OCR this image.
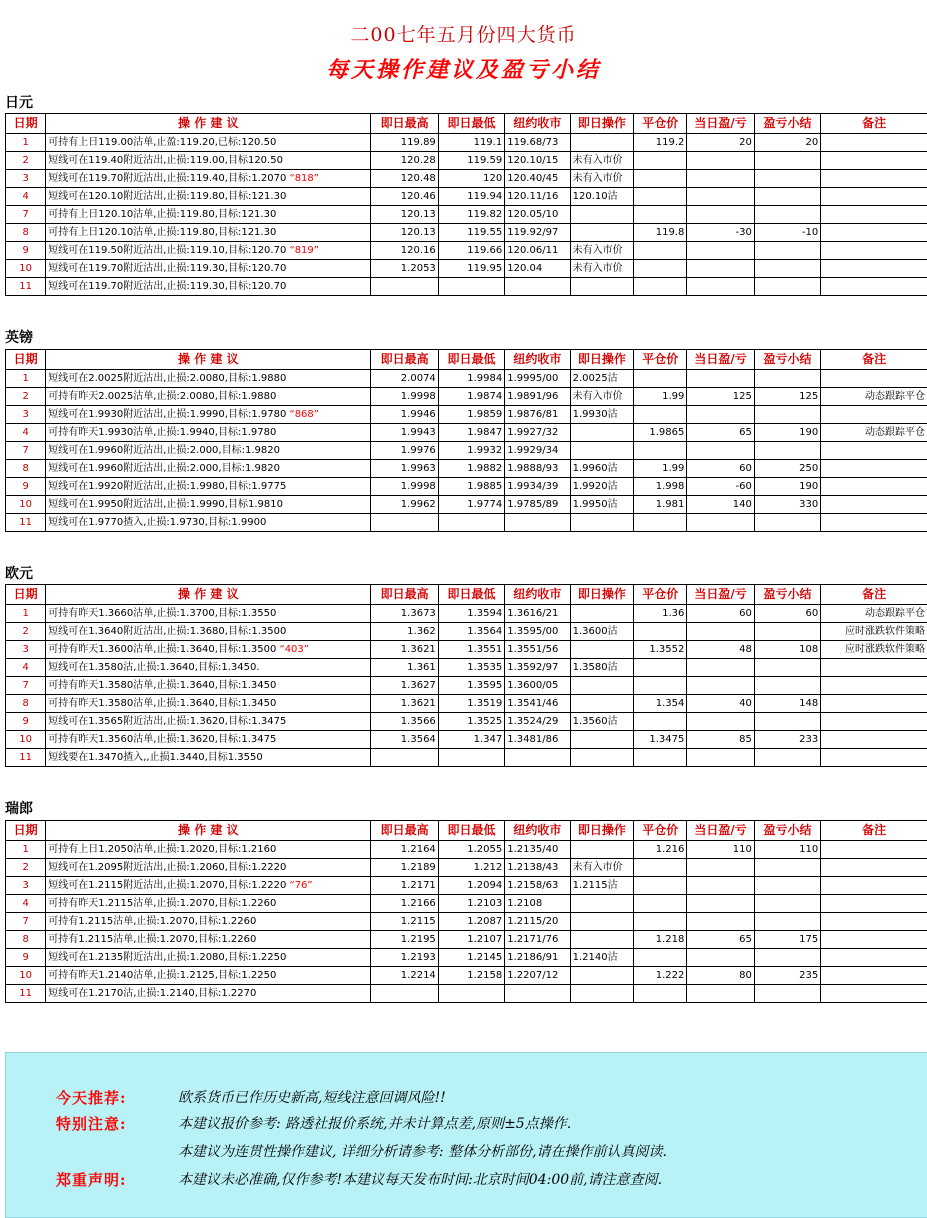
二00七年五月份四大货币
每天操作建议及盈亏小结
日元
日期	操 作 建 议	即日最高	即日最低	纽约收市	即日操作	平仓价	当日盈/亏	盈亏小结	备注
1	可持有上日119.00沽单,止盈:119.20,已标:120.50	119.89	119.1	119.68/73		119.2	20	20	
2	短线可在119.40附近沽出,止损:119.00,目标120.50	120.28	119.59	120.10/15	未有入市价				
3	短线可在119.70附近沽出,止损:119.40,目标:1.2070 “818”	120.48	120	120.40/45	未有入市价				
4	短线可在120.10附近沽出,止损:119.80,目标:121.30	120.46	119.94	120.11/16	120.10沽				
7	可持有上日120.10沽单,止损:119.80,目标:121.30	120.13	119.82	120.05/10					
8	可持有上日120.10沽单,止损:119.80,目标:121.30	120.13	119.55	119.92/97		119.8	-30	-10	
9	短线可在119.50附近沽出,止损:119.10,目标:120.70 “819”	120.16	119.66	120.06/11	未有入市价				
10	短线可在119.70附近沽出,止损:119.30,目标:120.70	1.2053	119.95	120.04	未有入市价				
11	短线可在119.70附近沽出,止损:119.30,目标:120.70								
英镑
日期	操 作 建 议	即日最高	即日最低	纽约收市	即日操作	平仓价	当日盈/亏	盈亏小结	备注
1	短线可在2.0025附近沽出,止损:2.0080,目标:1.9880	2.0074	1.9984	1.9995/00	2.0025沽				
2	可持有昨天2.0025沽单,止损:2.0080,目标:1.9880	1.9998	1.9874	1.9891/96	未有入市价	1.99	125	125	动态跟踪平仓
3	短线可在1.9930附近沽出,止损:1.9990,目标:1.9780 “868”	1.9946	1.9859	1.9876/81	1.9930沽				
4	可持有昨天1.9930沽单,止损:1.9940,目标:1.9780	1.9943	1.9847	1.9927/32		1.9865	65	190	动态跟踪平仓
7	短线可在1.9960附近沽出,止损:2.000,目标:1.9820	1.9976	1.9932	1.9929/34					
8	短线可在1.9960附近沽出,止损:2.000,目标:1.9820	1.9963	1.9882	1.9888/93	1.9960沽	1.99	60	250	
9	短线可在1.9920附近沽出,止损:1.9980,目标:1.9775	1.9998	1.9885	1.9934/39	1.9920沽	1.998	-60	190	
10	短线可在1.9950附近沽出,止损:1.9990,目标1.9810	1.9962	1.9774	1.9785/89	1.9950沽	1.981	140	330	
11	短线可在1.9770揸入,止损:1.9730,目标:1.9900								
欧元
日期	操 作 建 议	即日最高	即日最低	纽约收市	即日操作	平仓价	当日盈/亏	盈亏小结	备注
1	可持有昨天1.3660沽单,止损:1.3700,目标:1.3550	1.3673	1.3594	1.3616/21		1.36	60	60	动态跟踪平仓
2	短线可在1.3640附近沽出,止损:1.3680,目标:1.3500	1.362	1.3564	1.3595/00	1.3600沽				应时涨跌软件策略
3	可持有昨天1.3600沽单,止损:1.3640,目标:1.3500 “403”	1.3621	1.3551	1.3551/56		1.3552	48	108	应时涨跌软件策略
4	短线可在1.3580沽,止损:1.3640,目标:1.3450.	1.361	1.3535	1.3592/97	1.3580沽				
7	可持有昨天1.3580沽单,止损:1.3640,目标:1.3450	1.3627	1.3595	1.3600/05					
8	可持有昨天1.3580沽单,止损:1.3640,目标:1.3450	1.3621	1.3519	1.3541/46		1.354	40	148	
9	短线可在1.3565附近沽出,止损:1.3620,目标:1.3475	1.3566	1.3525	1.3524/29	1.3560沽				
10	可持有昨天1.3560沽单,止损:1.3620,目标:1.3475	1.3564	1.347	1.3481/86		1.3475	85	233	
11	短线要在1.3470揸入,,止损1.3440,目标1.3550								
瑞郎
日期	操 作 建 议	即日最高	即日最低	纽约收市	即日操作	平仓价	当日盈/亏	盈亏小结	备注
1	可持有上日1.2050沽单,止损:1.2020,目标:1.2160	1.2164	1.2055	1.2135/40		1.216	110	110	
2	短线可在1.2095附近沽出,止损:1.2060,目标:1.2220	1.2189	1.212	1.2138/43	未有入市价				
3	短线可在1.2115附近沽出,止损:1.2070,目标:1.2220 “76”	1.2171	1.2094	1.2158/63	1.2115沽				
4	可持有昨天1.2115沽单,止损:1.2070,目标:1.2260	1.2166	1.2103	1.2108					
7	可持有1.2115沽单,止损:1.2070,目标:1.2260	1.2115	1.2087	1.2115/20					
8	可持有1.2115沽单,止损:1.2070,目标:1.2260	1.2195	1.2107	1.2171/76		1.218	65	175	
9	短线可在1.2135附近沽出,止损:1.2080,目标:1.2250	1.2193	1.2145	1.2186/91	1.2140沽				
10	可持有昨天1.2140沽单,止损:1.2125,目标:1.2250	1.2214	1.2158	1.2207/12		1.222	80	235	
11	短线可在1.2170沽,止损:1.2140,目标:1.2270								
今天推荐:	欧系货币已作历史新高,短线注意回调风险!!
特别注意:	本建议报价参考: 路透社报价系统,并未计算点差,原则±5点操作.
本建议为连贯性操作建议, 详细分析请参考: 整体分析部份,请在操作前认真阅读.
郑重声明:	本建议未必准确,仅作参考!本建议每天发布时间:北京时间04:00前,请注意查阅.
